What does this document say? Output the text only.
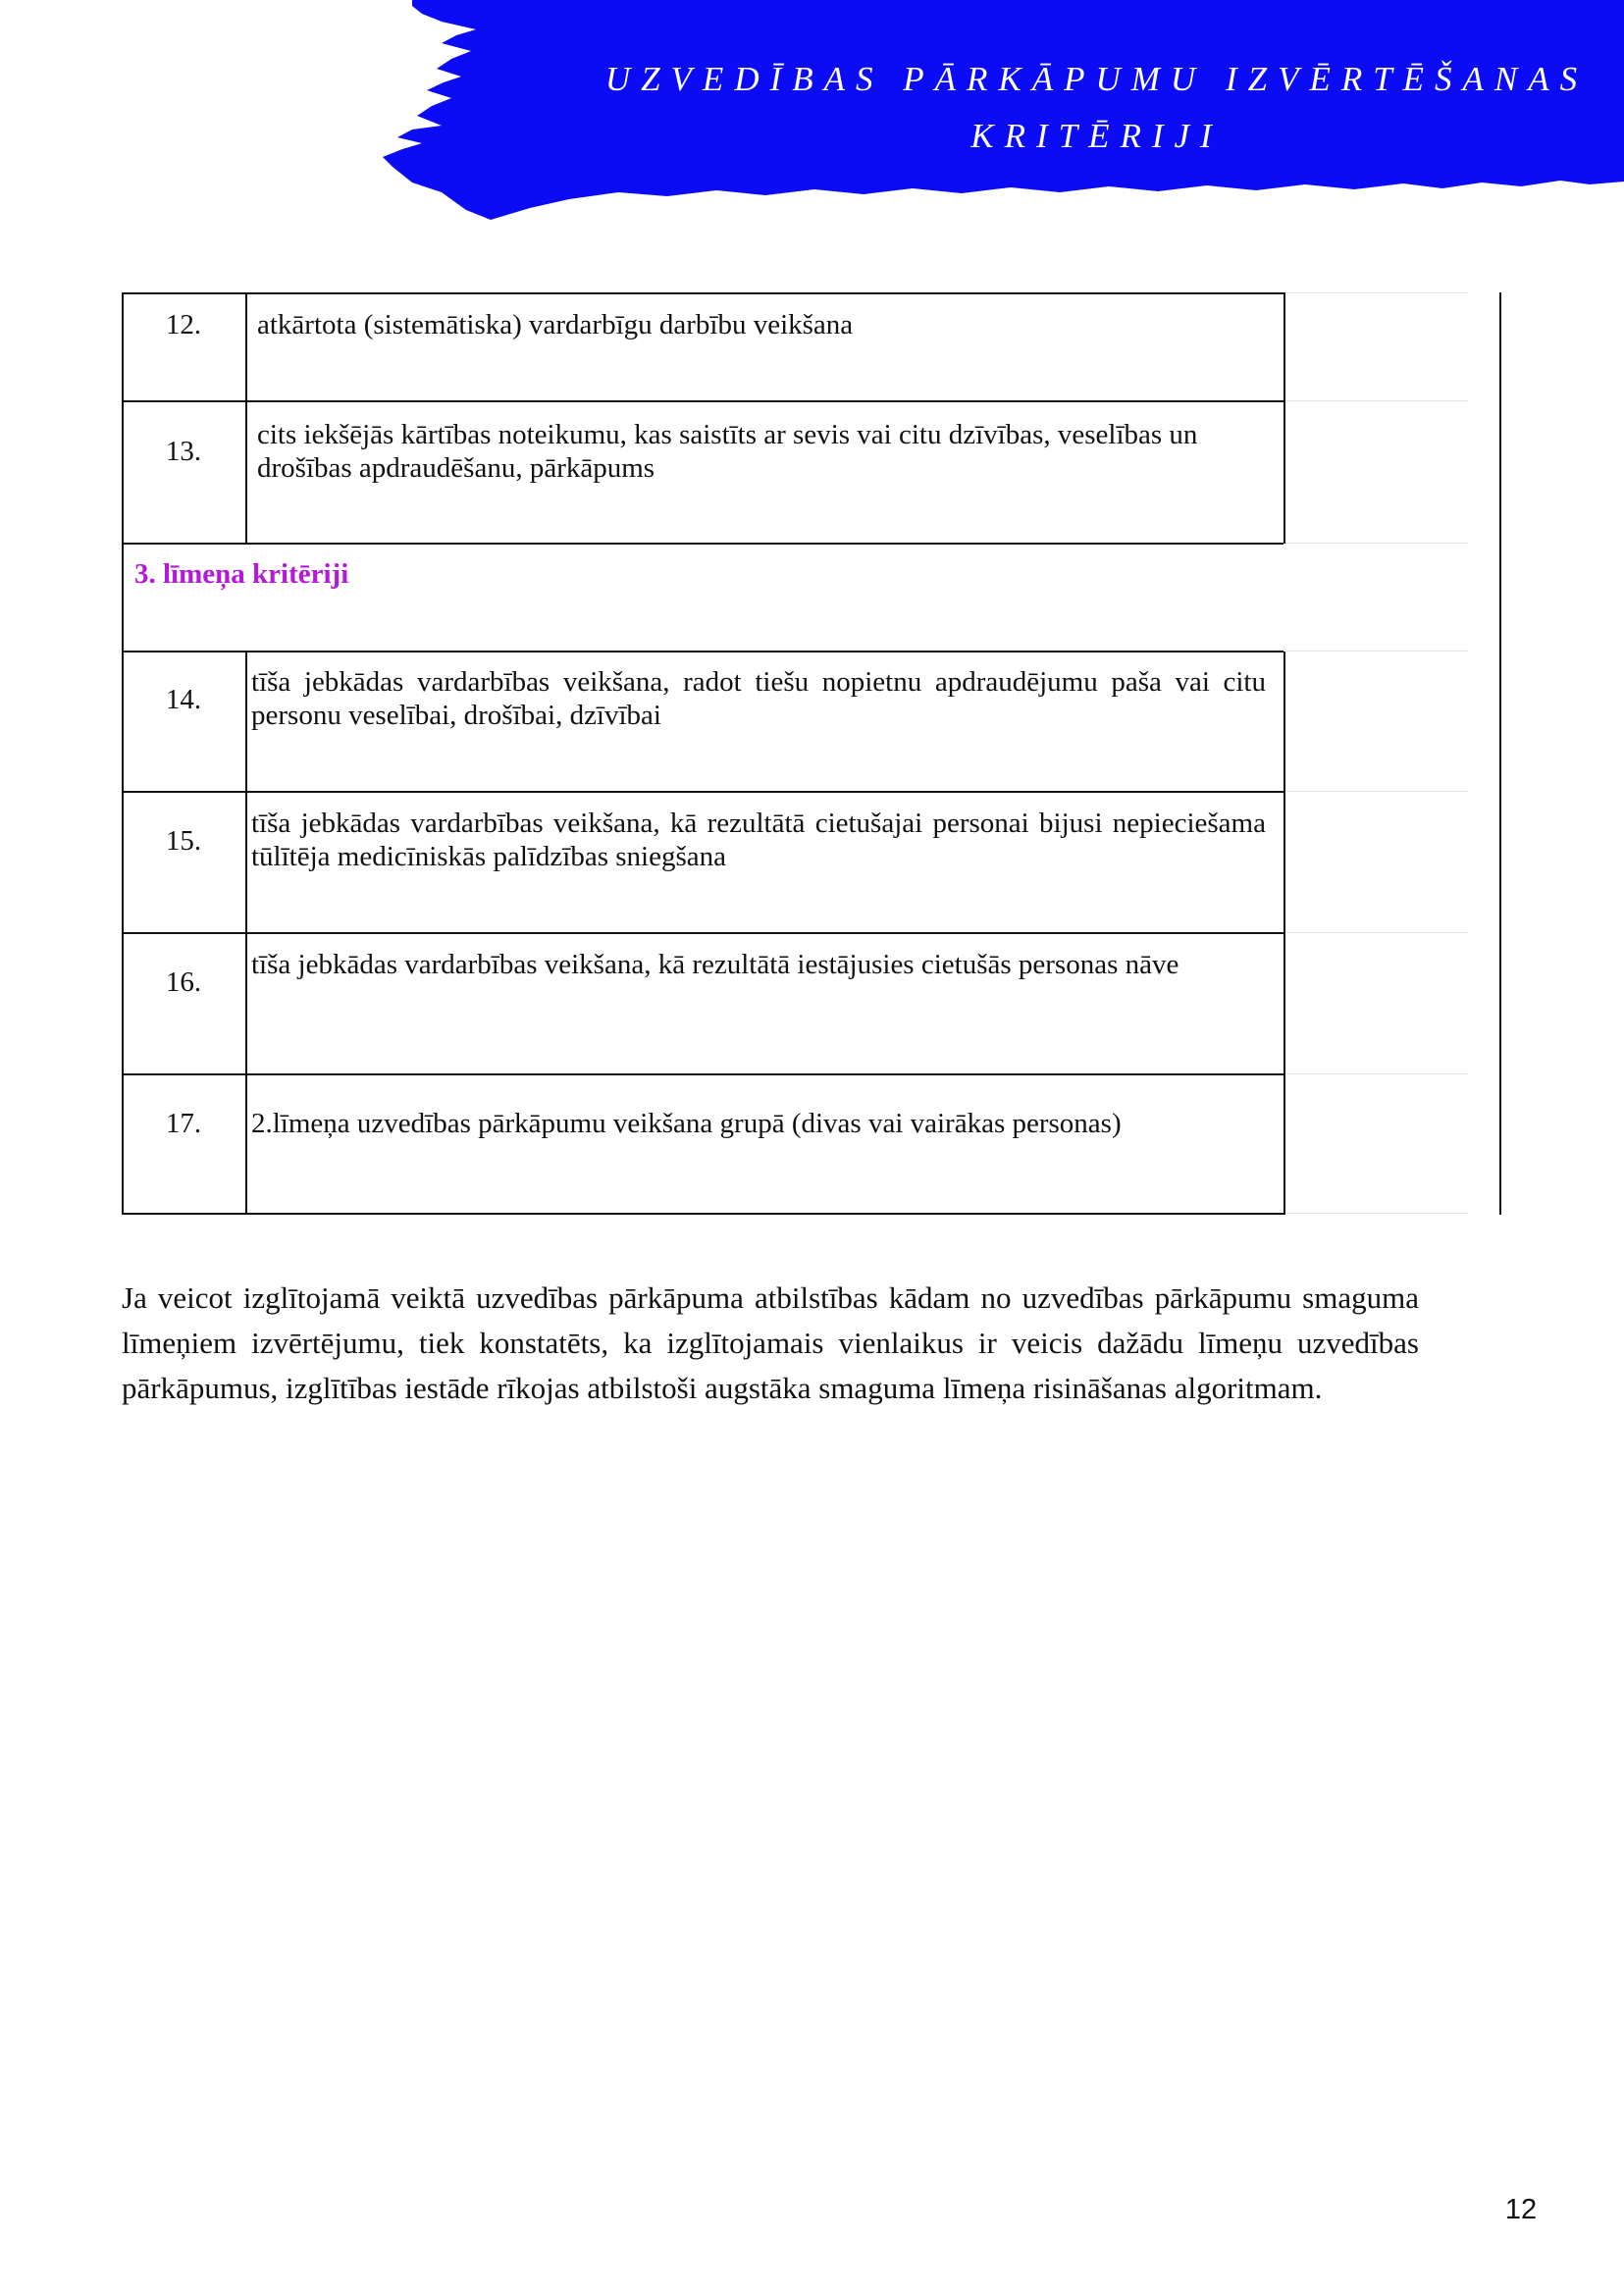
UZVEDĪBAS PĀRKĀPUMU IZVĒRTĒŠANAS
KRITĒRIJI
12.	atkārtota (sistemātiska) vardarbīgu darbību veikšana
13.
cits iekšējās kārtības noteikumu, kas saistīts ar sevis vai citu dzīvības, veselības un drošības apdraudēšanu, pārkāpums
3. līmeņa kritēriji
14.
tīša jebkādas vardarbības veikšana, radot tiešu nopietnu apdraudējumu paša vai citu personu veselībai, drošībai, dzīvībai
15.
tīša jebkādas vardarbības veikšana, kā rezultātā cietušajai personai bijusi nepieciešama tūlītēja medicīniskās palīdzības sniegšana
16.
tīša jebkādas vardarbības veikšana, kā rezultātā iestājusies cietušās personas nāve
17.	2.līmeņa uzvedības pārkāpumu veikšana grupā (divas vai vairākas personas)
Ja veicot izglītojamā veiktā uzvedības pārkāpuma atbilstības kādam no uzvedības pārkāpumu smaguma līmeņiem izvērtējumu, tiek konstatēts, ka izglītojamais vienlaikus ir veicis dažādu līmeņu uzvedības pārkāpumus, izglītības iestāde rīkojas atbilstoši augstāka smaguma līmeņa risināšanas algoritmam.
12
